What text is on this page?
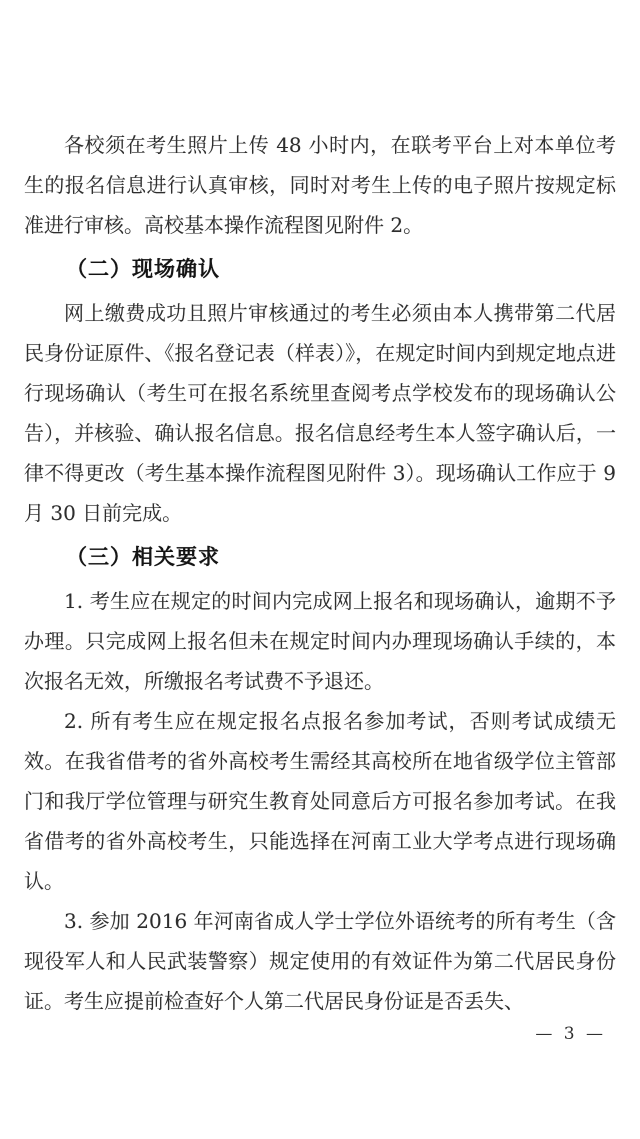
各校须在考生照片上传 48 小时内，在联考平台上对本单位考生的报名信息进行认真审核，同时对考生上传的电子照片按规定标准进行审核。高校基本操作流程图见附件 2。

（二）现场确认

网上缴费成功且照片审核通过的考生必须由本人携带第二代居民身份证原件、《报名登记表（样表）》，在规定时间内到规定地点进行现场确认（考生可在报名系统里查阅考点学校发布的现场确认公告），并核验、确认报名信息。报名信息经考生本人签字确认后，一律不得更改（考生基本操作流程图见附件 3）。现场确认工作应于 9 月 30 日前完成。

（三）相关要求

1. 考生应在规定的时间内完成网上报名和现场确认，逾期不予办理。只完成网上报名但未在规定时间内办理现场确认手续的，本次报名无效，所缴报名考试费不予退还。

2. 所有考生应在规定报名点报名参加考试，否则考试成绩无效。在我省借考的省外高校考生需经其高校所在地省级学位主管部门和我厅学位管理与研究生教育处同意后方可报名参加考试。在我省借考的省外高校考生，只能选择在河南工业大学考点进行现场确认。

3. 参加 2016 年河南省成人学士学位外语统考的所有考生（含现役军人和人民武装警察）规定使用的有效证件为第二代居民身份证。考生应提前检查好个人第二代居民身份证是否丢失、

— 3 —
